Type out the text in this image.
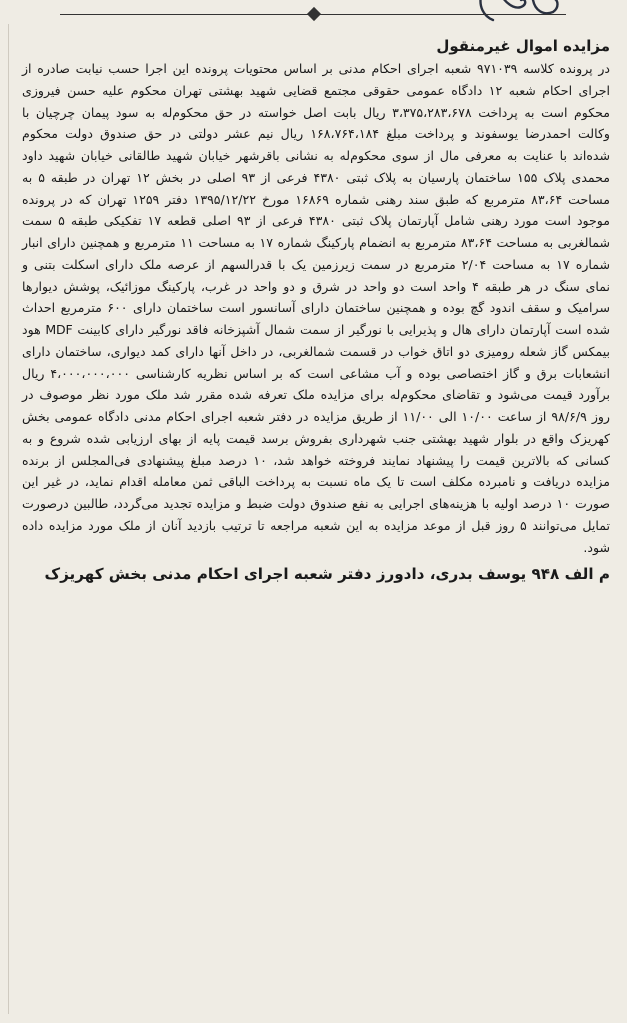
مزایده اموال غیرمنقول

در پرونده کلاسه ۹۷۱۰۳۹ شعبه اجرای احکام مدنی بر اساس محتویات پرونده این اجرا حسب نیابت صادره از اجرای احکام شعبه ۱۲ دادگاه عمومی حقوقی مجتمع قضایی شهید بهشتی تهران محکوم علیه حسن فیروزی محکوم است به پرداخت ۳،۳۷۵،۲۸۳،۶۷۸ ریال بابت اصل خواسته در حق محکوم‌له به سود پیمان چرچیان با وکالت احمدرضا یوسفوند و پرداخت مبلغ ۱۶۸،۷۶۴،۱۸۴ ریال نیم عشر دولتی در حق صندوق دولت محکوم شده‌اند با عنایت به معرفی مال از سوی محکوم‌له به نشانی باقرشهر خیابان شهید طالقانی خیابان شهید داود محمدی پلاک ۱۵۵ ساختمان پارسیان به پلاک ثبتی ۴۳۸۰ فرعی از ۹۳ اصلی در بخش ۱۲ تهران در طبقه ۵ به مساحت ۸۳،۶۴ مترمربع که طبق سند رهنی شماره ۱۶۸۶۹ مورخ ۱۳۹۵/۱۲/۲۲ دفتر ۱۲۵۹ تهران که در پرونده موجود است مورد رهنی شامل آپارتمان پلاک ثبتی ۴۳۸۰ فرعی از ۹۳ اصلی قطعه ۱۷ تفکیکی طبقه ۵ سمت شمالغربی به مساحت ۸۳،۶۴ مترمربع به انضمام پارکینگ شماره ۱۷ به مساحت ۱۱ مترمربع و همچنین دارای انبار شماره ۱۷ به مساحت ۲/۰۴ مترمربع در سمت زیرزمین یک با قدرالسهم از عرصه ملک دارای اسکلت بتنی و نمای سنگ در هر طبقه ۴ واحد است دو واحد در شرق و دو واحد در غرب، پارکینگ موزائیک، پوشش دیوارها سرامیک و سقف اندود گچ بوده و همچنین ساختمان دارای آسانسور است ساختمان دارای ۶۰۰ مترمربع احداث شده است آپارتمان دارای هال و پذیرایی با نورگیر از سمت شمال آشپزخانه فاقد نورگیر دارای کابینت MDF هود بیمکس گاز شعله رومیزی دو اتاق خواب در قسمت شمالغربی، در داخل آنها دارای کمد دیواری، ساختمان دارای انشعابات برق و گاز اختصاصی بوده و آب مشاعی است که بر اساس نظریه کارشناسی ۴،۰۰۰،۰۰۰،۰۰۰ ریال برآورد قیمت می‌شود و تقاضای محکوم‌له برای مزایده ملک تعرفه شده مقرر شد ملک مورد نظر موصوف در روز ۹۸/۶/۹ از ساعت ۱۰/۰۰ الی ۱۱/۰۰ از طریق مزایده در دفتر شعبه اجرای احکام مدنی دادگاه عمومی بخش کهریزک واقع در بلوار شهید بهشتی جنب شهرداری بفروش برسد قیمت پایه از بهای ارزیابی شده شروع و به کسانی که بالاترین قیمت را پیشنهاد نمایند فروخته خواهد شد، ۱۰ درصد مبلغ پیشنهادی فی‌المجلس از برنده مزایده دریافت و نامبرده مکلف است تا یک ماه نسبت به پرداخت الباقی ثمن معامله اقدام نماید، در غیر این صورت ۱۰ درصد اولیه با هزینه‌های اجرایی به نفع صندوق دولت ضبط و مزایده تجدید می‌گردد، طالبین درصورت تمایل می‌توانند ۵ روز قبل از موعد مزایده به این شعبه مراجعه تا ترتیب بازدید آنان از ملک مورد مزایده داده شود.

م الف ۹۴۸ یوسف بدری، دادورز دفتر شعبه اجرای احکام مدنی بخش کهریزک
